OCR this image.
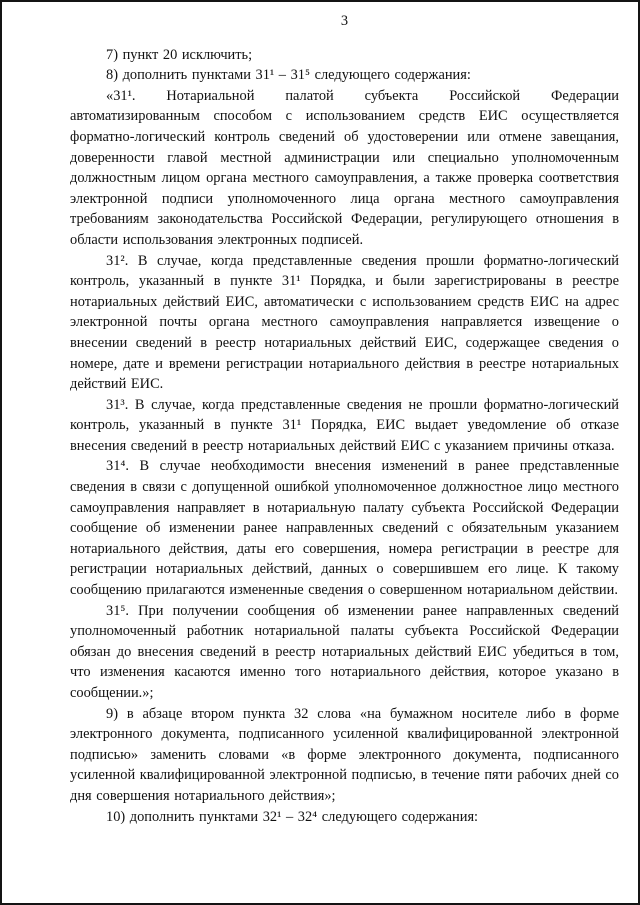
3

7) пункт 20 исключить;

8) дополнить пунктами 31¹ – 31⁵ следующего содержания:

«31¹. Нотариальной палатой субъекта Российской Федерации автоматизированным способом с использованием средств ЕИС осуществляется форматно-логический контроль сведений об удостоверении или отмене завещания, доверенности главой местной администрации или специально уполномоченным должностным лицом органа местного самоуправления, а также проверка соответствия электронной подписи уполномоченного лица органа местного самоуправления требованиям законодательства Российской Федерации, регулирующего отношения в области использования электронных подписей.

31². В случае, когда представленные сведения прошли форматно-логический контроль, указанный в пункте 31¹ Порядка, и были зарегистрированы в реестре нотариальных действий ЕИС, автоматически с использованием средств ЕИС на адрес электронной почты органа местного самоуправления направляется извещение о внесении сведений в реестр нотариальных действий ЕИС, содержащее сведения о номере, дате и времени регистрации нотариального действия в реестре нотариальных действий ЕИС.

31³. В случае, когда представленные сведения не прошли форматно-логический контроль, указанный в пункте 31¹ Порядка, ЕИС выдает уведомление об отказе внесения сведений в реестр нотариальных действий ЕИС с указанием причины отказа.

31⁴. В случае необходимости внесения изменений в ранее представленные сведения в связи с допущенной ошибкой уполномоченное должностное лицо местного самоуправления направляет в нотариальную палату субъекта Российской Федерации сообщение об изменении ранее направленных сведений с обязательным указанием нотариального действия, даты его совершения, номера регистрации в реестре для регистрации нотариальных действий, данных о совершившем его лице. К такому сообщению прилагаются измененные сведения о совершенном нотариальном действии.

31⁵. При получении сообщения об изменении ранее направленных сведений уполномоченный работник нотариальной палаты субъекта Российской Федерации обязан до внесения сведений в реестр нотариальных действий ЕИС убедиться в том, что изменения касаются именно того нотариального действия, которое указано в сообщении.»;

9) в абзаце втором пункта 32 слова «на бумажном носителе либо в форме электронного документа, подписанного усиленной квалифицированной электронной подписью» заменить словами «в форме электронного документа, подписанного усиленной квалифицированной электронной подписью, в течение пяти рабочих дней со дня совершения нотариального действия»;

10) дополнить пунктами 32¹ – 32⁴ следующего содержания:
